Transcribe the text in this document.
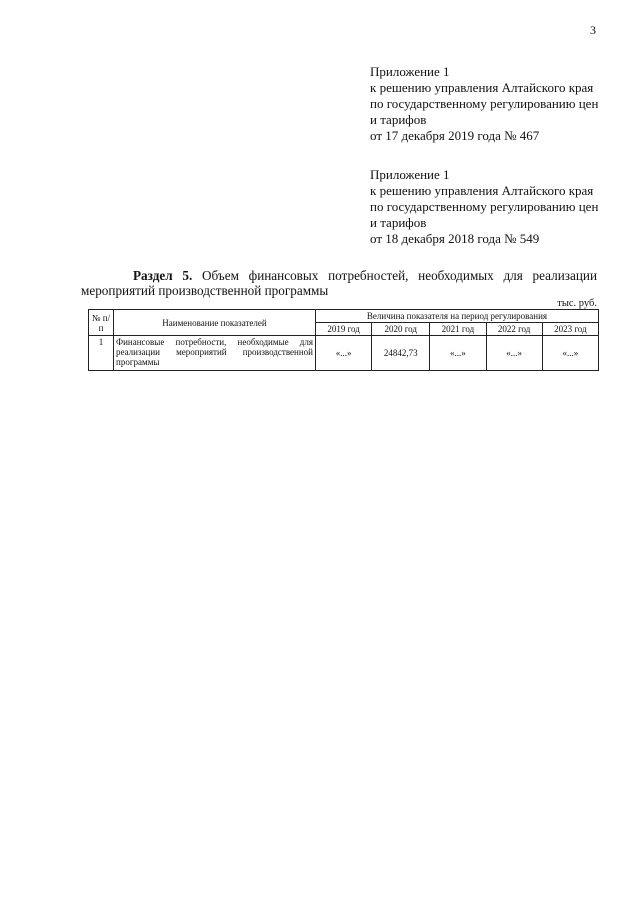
3
Приложение 1
к решению управления Алтайского края
по государственному регулированию цен
и тарифов
от 17 декабря 2019 года № 467
Приложение 1
к решению управления Алтайского края
по государственному регулированию цен
и тарифов
от 18 декабря 2018 года № 549
Раздел 5. Объем финансовых потребностей, необходимых для реализации
мероприятий производственной программы
тыс. руб.
№ п/п	Наименование показателей	Величина показателя на период регулирования				
		2019 год	2020 год	2021 год	2022 год	2023 год
1	Финансовые потребности, необходимые для реализации мероприятий производственной программы	«...»	24842,73	«...»	«...»	«...»
